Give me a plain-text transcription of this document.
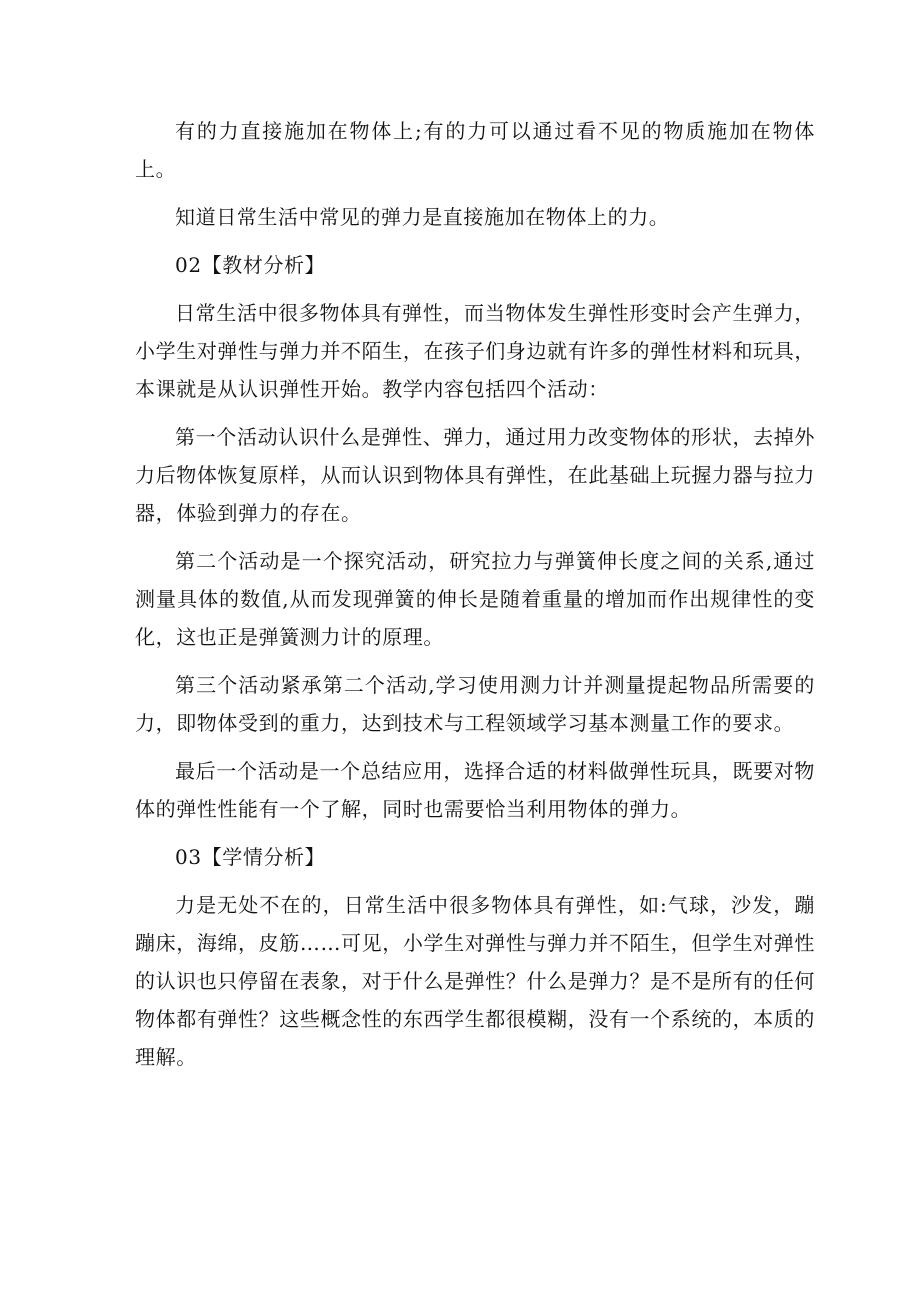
有的力直接施加在物体上;有的力可以通过看不见的物质施加在物体上。

知道日常生活中常见的弹力是直接施加在物体上的力。

02【教材分析】

日常生活中很多物体具有弹性，而当物体发生弹性形变时会产生弹力，小学生对弹性与弹力并不陌生，在孩子们身边就有许多的弹性材料和玩具，本课就是从认识弹性开始。教学内容包括四个活动：

第一个活动认识什么是弹性、弹力，通过用力改变物体的形状，去掉外力后物体恢复原样，从而认识到物体具有弹性，在此基础上玩握力器与拉力器，体验到弹力的存在。

第二个活动是一个探究活动，研究拉力与弹簧伸长度之间的关系,通过测量具体的数值,从而发现弹簧的伸长是随着重量的增加而作出规律性的变化，这也正是弹簧测力计的原理。

第三个活动紧承第二个活动,学习使用测力计并测量提起物品所需要的力，即物体受到的重力，达到技术与工程领域学习基本测量工作的要求。

最后一个活动是一个总结应用，选择合适的材料做弹性玩具，既要对物体的弹性性能有一个了解，同时也需要恰当利用物体的弹力。

03【学情分析】

力是无处不在的，日常生活中很多物体具有弹性，如:气球，沙发，蹦蹦床，海绵，皮筋……可见，小学生对弹性与弹力并不陌生，但学生对弹性的认识也只停留在表象，对于什么是弹性？什么是弹力？是不是所有的任何物体都有弹性？这些概念性的东西学生都很模糊，没有一个系统的，本质的理解。
